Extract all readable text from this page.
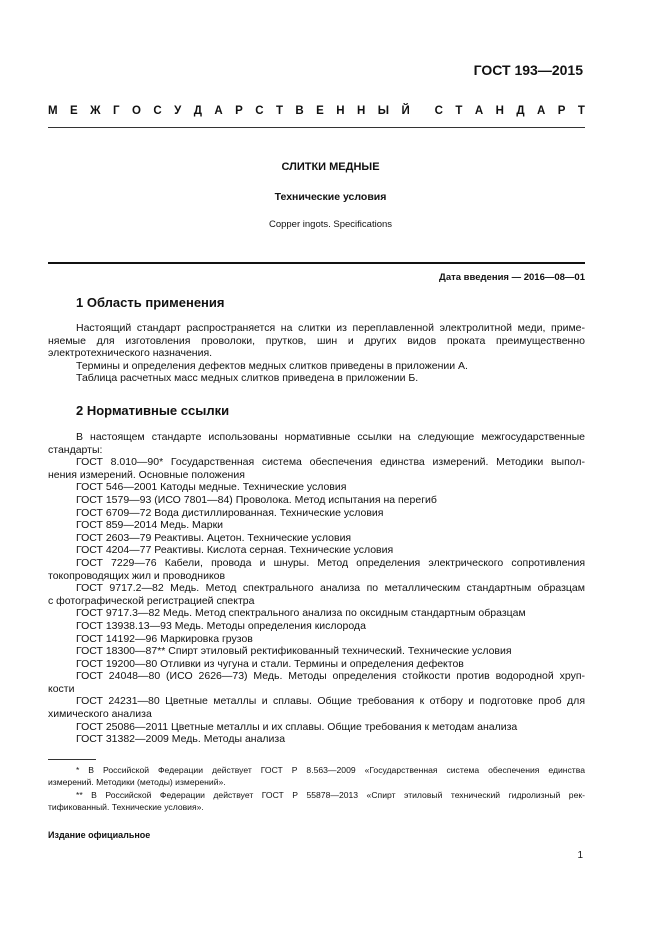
ГОСТ 193—2015
М Е Ж Г О С У Д А Р С Т В Е Н Н Ы Й С Т А Н Д А Р Т
СЛИТКИ МЕДНЫЕ
Технические условия
Copper ingots. Specifications
Дата введения — 2016—08—01
1 Область применения
Настоящий стандарт распространяется на слитки из переплавленной электролитной меди, приме-
няемые для изготовления проволоки, прутков, шин и других видов проката преимущественно
электротехнического назначения.
Термины и определения дефектов медных слитков приведены в приложении А.
Таблица расчетных масс медных слитков приведена в приложении Б.
2 Нормативные ссылки
В настоящем стандарте использованы нормативные ссылки на следующие межгосударственные
стандарты:
ГОСТ 8.010—90* Государственная система обеспечения единства измерений. Методики выпол-
нения измерений. Основные положения
ГОСТ 546—2001 Катоды медные. Технические условия
ГОСТ 1579—93 (ИСО 7801—84) Проволока. Метод испытания на перегиб
ГОСТ 6709—72 Вода дистиллированная. Технические условия
ГОСТ 859—2014 Медь. Марки
ГОСТ 2603—79 Реактивы. Ацетон. Технические условия
ГОСТ 4204—77 Реактивы. Кислота серная. Технические условия
ГОСТ 7229—76 Кабели, провода и шнуры. Метод определения электрического сопротивления
токопроводящих жил и проводников
ГОСТ 9717.2—82 Медь. Метод спектрального анализа по металлическим стандартным образцам
с фотографической регистрацией спектра
ГОСТ 9717.3—82 Медь. Метод спектрального анализа по оксидным стандартным образцам
ГОСТ 13938.13—93 Медь. Методы определения кислорода
ГОСТ 14192—96 Маркировка грузов
ГОСТ 18300—87** Спирт этиловый ректификованный технический. Технические условия
ГОСТ 19200—80 Отливки из чугуна и стали. Термины и определения дефектов
ГОСТ 24048—80 (ИСО 2626—73) Медь. Методы определения стойкости против водородной хруп-
кости
ГОСТ 24231—80 Цветные металлы и сплавы. Общие требования к отбору и подготовке проб для
химического анализа
ГОСТ 25086—2011 Цветные металлы и их сплавы. Общие требования к методам анализа
ГОСТ 31382—2009 Медь. Методы анализа
* В Российской Федерации действует ГОСТ Р 8.563—2009 «Государственная система обеспечения единства
измерений. Методики (методы) измерений».
** В Российской Федерации действует ГОСТ Р 55878—2013 «Спирт этиловый технический гидролизный рек-
тификованный. Технические условия».
Издание официальное
1
